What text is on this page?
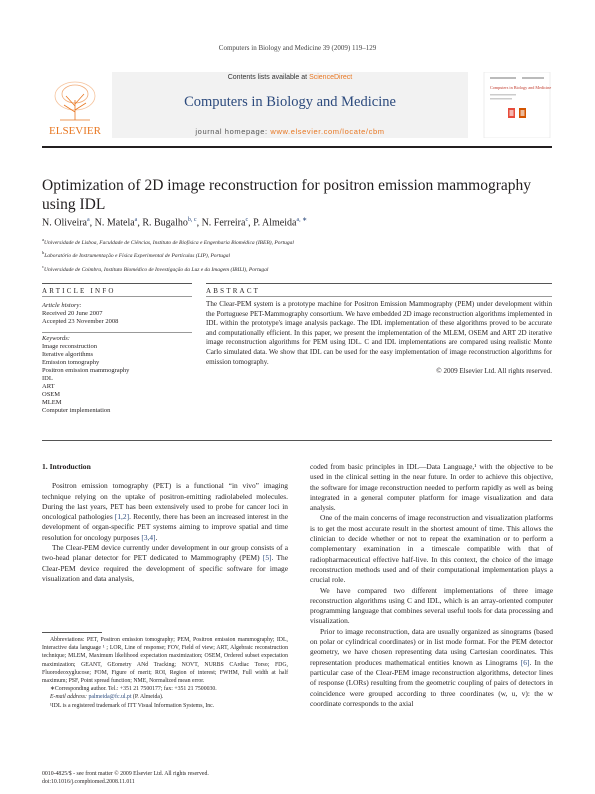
Computers in Biology and Medicine 39 (2009) 119–129
ELSEVIER
Contents lists available at ScienceDirect
Computers in Biology and Medicine
journal homepage: www.elsevier.com/locate/cbm
Computers in Biology and Medicine
Optimization of 2D image reconstruction for positron emission mammography using IDL
N. Oliveira$^a$, N. Matela$^a$, R. Bugalho$^{b, c}$, N. Ferreira$^c$, P. Almeida$^{a, ∗}$
$^a$Universidade de Lisboa, Faculdade de Ciências, Instituto de Biofísica e Engenharia Biomédica (IBEB), Portugal
$^b$Laboratório de Instrumentação e Física Experimental de Partículas (LIP), Portugal
$^c$Universidade de Coimbra, Instituto Biomédico de Investigação da Luz e da Imagem (IBILI), Portugal
ARTICLE INFO	ABSTRACT
Article history:
Received 20 June 2007
Accepted 23 November 2008
Keywords:
Image reconstruction
Iterative algorithms
Emission tomography
Positron emission mammography
IDL
ART
OSEM
MLEM
Computer implementation
The Clear-PEM system is a prototype machine for Positron Emission Mammography (PEM) under development within the Portuguese PET-Mammography consortium. We have embedded 2D image reconstruction algorithms implemented in IDL within the prototype's image analysis package. The IDL implementation of these algorithms proved to be accurate and computationally efficient. In this paper, we present the implementation of the MLEM, OSEM and ART 2D iterative image reconstruction algorithms for PEM using IDL. C and IDL implementations are compared using realistic Monte Carlo simulated data. We show that IDL can be used for the easy implementation of image reconstruction algorithms for emission tomography.
© 2009 Elsevier Ltd. All rights reserved.
1. Introduction

Positron emission tomography (PET) is a functional “in vivo” imaging technique relying on the uptake of positron-emitting radiolabeled molecules. During the last years, PET has been extensively used to probe for cancer loci in oncological pathologies [1,2]. Recently, there has been an increased interest in the development of organ-specific PET systems aiming to improve spatial and time resolution for oncology purposes [3,4].

The Clear-PEM device currently under development in our group consists of a two-head planar detector for PET dedicated to Mammography (PEM) [5]. The Clear-PEM device required the development of specific software for image visualization and data analysis,

Abbreviations: PET, Positron emission tomography; PEM, Positron emission mammography; IDL, Interactive data language ¹ ; LOR, Line of response; FOV, Field of view; ART, Algebraic reconstruction technique; MLEM, Maximum likelihood expectation maximization; OSEM, Ordered subset expectation maximization; GEANT, GEometry ANd Tracking; NOVT, NURBS CArdiac Torso; FDG, Fluorodeoxyglucose; FOM, Figure of merit; ROI, Region of interest; FWHM, Full width at half maximum; PSF, Point spread function; NME, Normalized mean error.

∗Corresponding author. Tel.: +351 21 7500177; fax: +351 21 7500030.

E-mail address: palmeida@fc.ul.pt (P. Almeida).

¹IDL is a registered trademark of ITT Visual Information Systems, Inc.

0010-4825/$ - see front matter © 2009 Elsevier Ltd. All rights reserved.
doi:10.1016/j.compbiomed.2008.11.011

coded from basic principles in IDL—Data Language,¹ with the objective to be used in the clinical setting in the near future. In order to achieve this objective, the software for image reconstruction needed to perform rapidly as well as being integrated in a general computer platform for image visualization and data analysis.

One of the main concerns of image reconstruction and visualization platforms is to get the most accurate result in the shortest amount of time. This allows the clinician to decide whether or not to repeat the examination or to perform a complementary examination in a timescale compatible with that of radiopharmaceutical effective half-live. In this context, the choice of the image reconstruction methods used and of their computational implementation plays a crucial role.

We have compared two different implementations of three image reconstruction algorithms using C and IDL, which is an array-oriented computer programming language that combines several useful tools for data processing and visualization.

Prior to image reconstruction, data are usually organized as sinograms (based on polar or cylindrical coordinates) or in list mode format. For the PEM detector geometry, we have chosen representing data using Cartesian coordinates. This representation produces mathematical entities known as Linograms [6]. In the particular case of the Clear-PEM image reconstruction algorithms, detector lines of response (LORs) resulting from the geometric coupling of pairs of detectors in coincidence were grouped according to three coordinates (w, u, v): the w coordinate corresponds to the axial
